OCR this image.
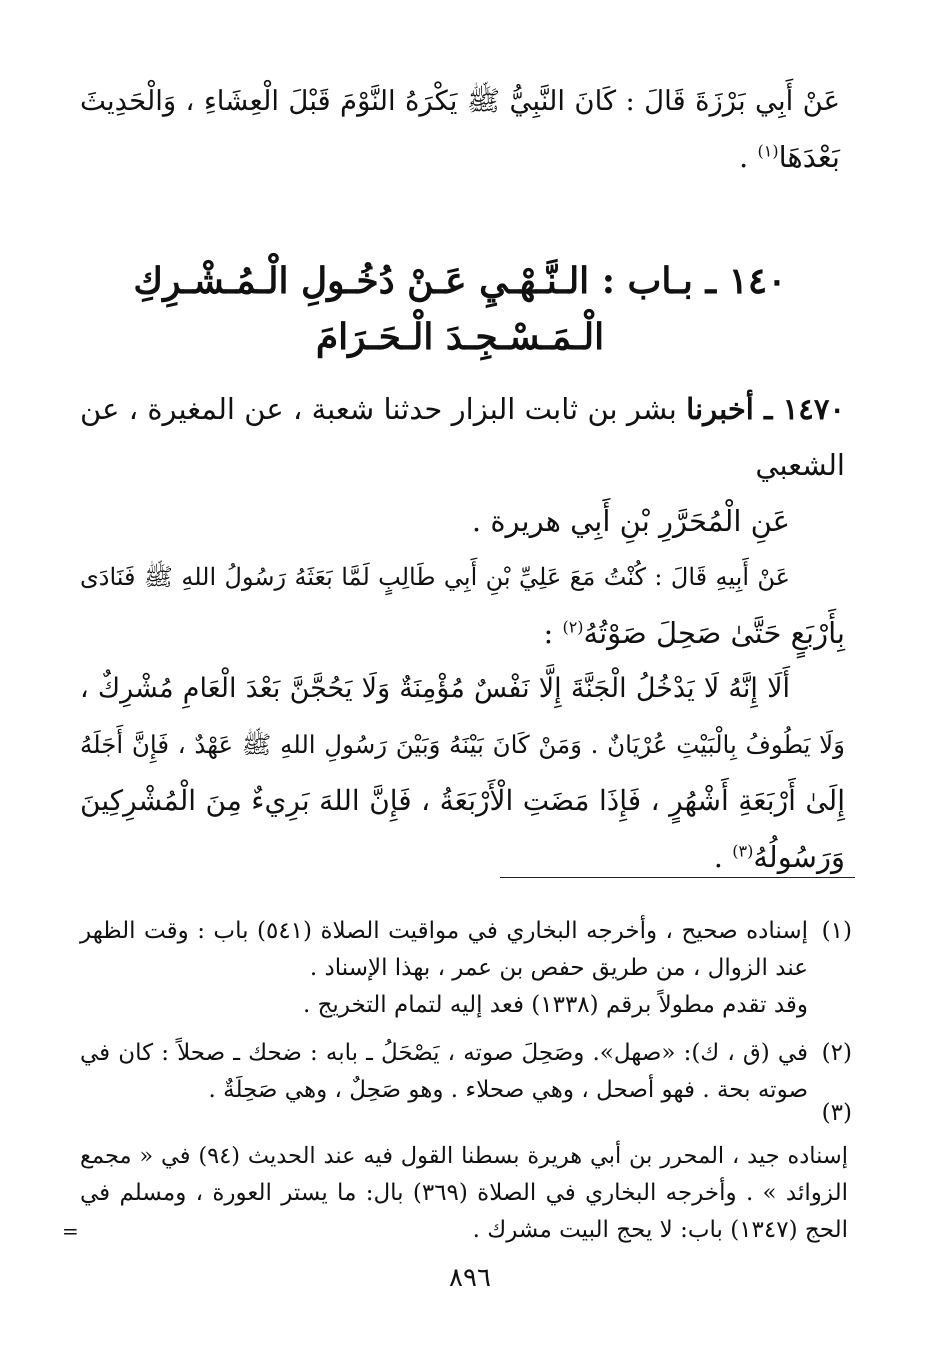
عَنْ أَبِي بَرْزَةَ قَالَ : كَانَ النَّبِيُّ ﷺ يَكْرَهُ النَّوْمَ قَبْلَ الْعِشَاءِ ، وَالْحَدِيثَ
بَعْدَهَا$^{(١)}$ .
١٤٠ ـ بـاب : الـنَّـهْـيِ عَـنْ دُخُـولِ الْـمُـشْـرِكِ
الْـمَـسْـجِـدَ الْـحَـرَامَ
١٤٧٠ ـ أخبرنا بشر بن ثابت البزار حدثنا شعبة ، عن المغيرة ، عن
الشعبي
عَنِ الْمُحَرَّرِ بْنِ أَبِي هريرة .
عَنْ أَبِيهِ قَالَ : كُنْتُ مَعَ عَلِيِّ بْنِ أَبِي طَالِبٍ لَمَّا بَعَثَهُ رَسُولُ اللهِ ﷺ فَنَادَى
بِأَرْبَعٍ حَتَّىٰ صَحِلَ صَوْتُهُ$^{(٢)}$ :
أَلَا إِنَّهُ لَا يَدْخُلُ الْجَنَّةَ إِلَّا نَفْسٌ مُؤْمِنَةٌ وَلَا يَحُجَّنَّ بَعْدَ الْعَامِ مُشْرِكٌ ،
وَلَا يَطُوفُ بِالْبَيْتِ عُرْيَانٌ . وَمَنْ كَانَ بَيْنَهُ وَبَيْنَ رَسُولِ اللهِ ﷺ عَهْدٌ ، فَإِنَّ أَجَلَهُ
إِلَىٰ أَرْبَعَةِ أَشْهُرٍ ، فَإِذَا مَضَتِ الْأَرْبَعَةُ ، فَإِنَّ اللهَ بَرِيءٌ مِنَ الْمُشْرِكِينَ
وَرَسُولُهُ$^{(٣)}$ .
(١)
إسناده صحيح ، وأخرجه البخاري في مواقيت الصلاة (٥٤١) باب : وقت الظهر
عند الزوال ، من طريق حفص بن عمر ، بهذا الإسناد .
وقد تقدم مطولاً برقم (١٣٣٨) فعد إليه لتمام التخريج .
(٢)
في (ق ، ك): «صهل». وصَحِلَ صوته ، يَصْحَلُ ـ بابه : ضحك ـ صحلاً : كان في
صوته بحة . فهو أصحل ، وهي صحلاء . وهو صَحِلٌ ، وهي صَحِلَةٌ .
(٣)
إسناده جيد ، المحرر بن أبي هريرة بسطنا القول فيه عند الحديث (٩٤) في « مجمع
الزوائد » . وأخرجه البخاري في الصلاة (٣٦٩) بال: ما يستر العورة ، ومسلم في
الحج (١٣٤٧) باب: لا يحج البيت مشرك .
=
٨٩٦
